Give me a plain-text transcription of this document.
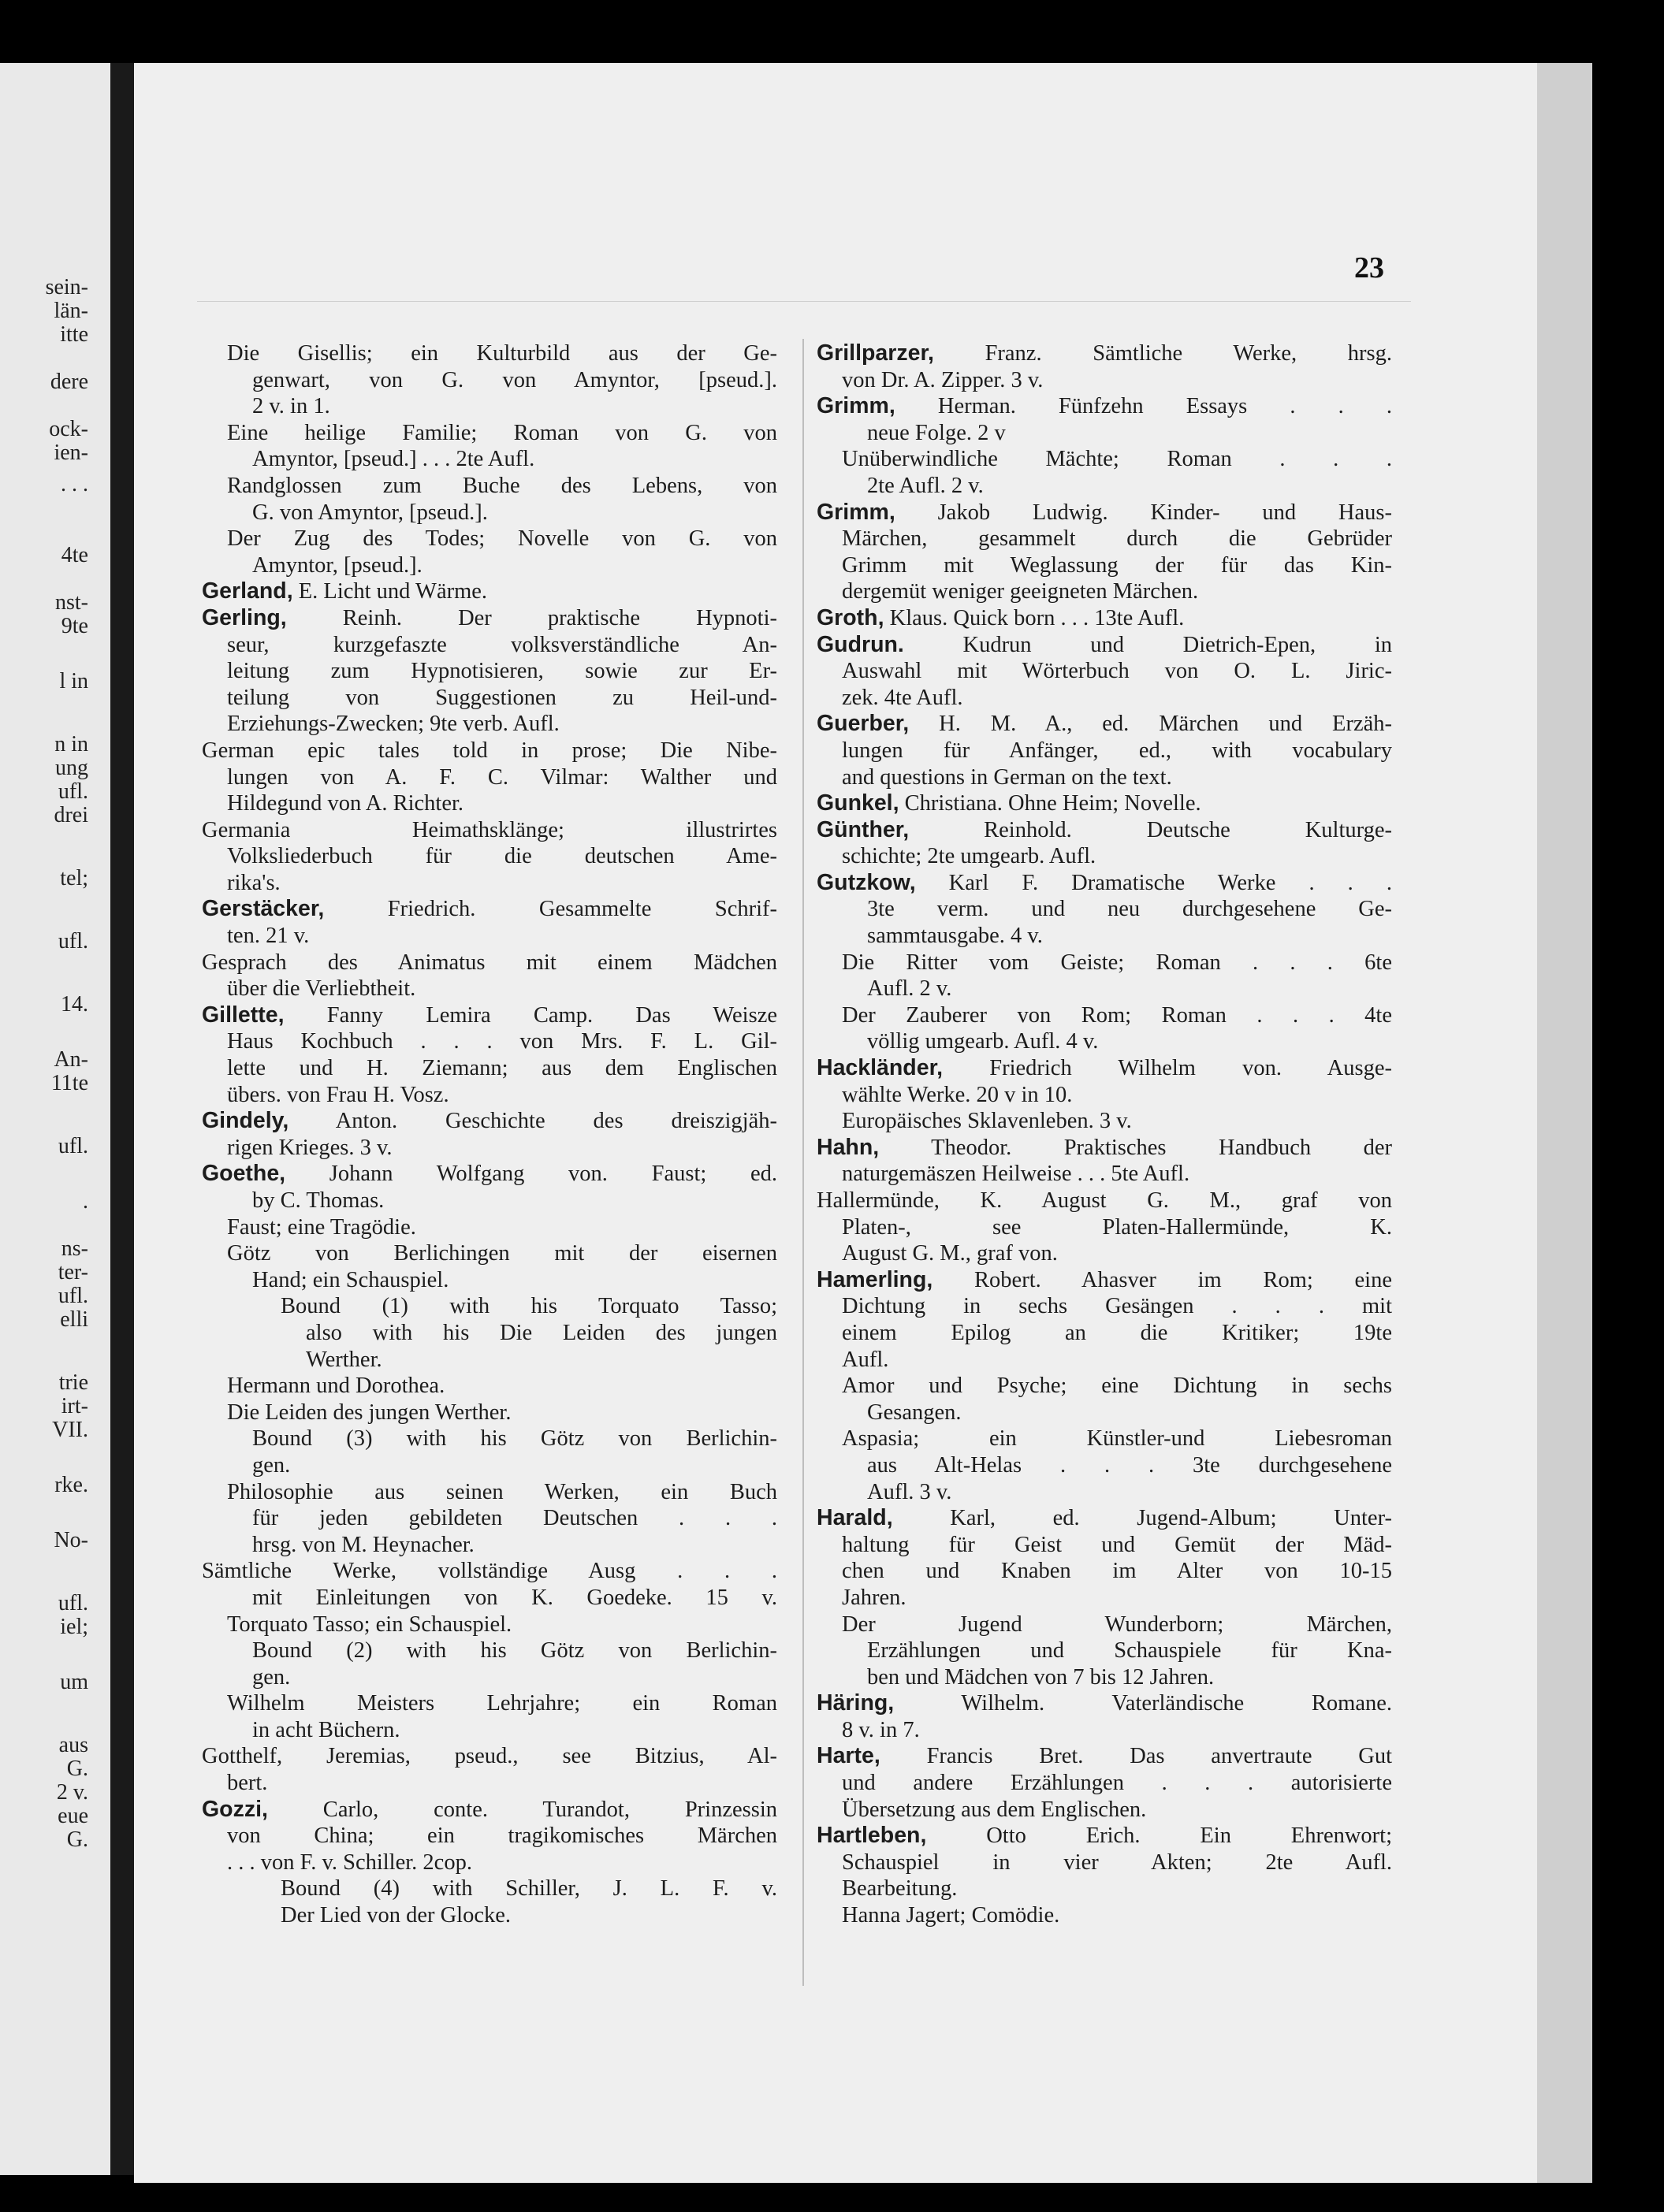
sein-
län-
itte
dere
ock-
ien-
. . .
4te
nst-
9te
l in
n in
ung
ufl.
drei
tel;
ufl.
14.
An-
11te
ufl.
.
ns-
ter-
ufl.
elli
trie
irt-
VII.
rke.
No-
ufl.
iel;
um
aus
G.
2 v.
eue
G.
23
Die Gisellis; ein Kulturbild aus der Ge-
genwart, von G. von Amyntor, [pseud.].
2 v. in 1.
Eine heilige Familie; Roman von G. von
Amyntor, [pseud.] . . . 2te Aufl.
Randglossen zum Buche des Lebens, von
G. von Amyntor, [pseud.].
Der Zug des Todes; Novelle von G. von
Amyntor, [pseud.].
Gerland, E. Licht und Wärme.
Gerling, Reinh. Der praktische Hypnoti-
seur, kurzgefaszte volksverständliche An-
leitung zum Hypnotisieren, sowie zur Er-
teilung von Suggestionen zu Heil-und-
Erziehungs-Zwecken; 9te verb. Aufl.
German epic tales told in prose; Die Nibe-
lungen von A. F. C. Vilmar: Walther und
Hildegund von A. Richter.
Germania Heimathsklänge; illustrirtes
Volksliederbuch für die deutschen Ame-
rika's.
Gerstäcker, Friedrich. Gesammelte Schrif-
ten. 21 v.
Gesprach des Animatus mit einem Mädchen
über die Verliebtheit.
Gillette, Fanny Lemira Camp. Das Weisze
Haus Kochbuch . . . von Mrs. F. L. Gil-
lette und H. Ziemann; aus dem Englischen
übers. von Frau H. Vosz.
Gindely, Anton. Geschichte des dreiszigjäh-
rigen Krieges. 3 v.
Goethe, Johann Wolfgang von. Faust; ed.
by C. Thomas.
Faust; eine Tragödie.
Götz von Berlichingen mit der eisernen
Hand; ein Schauspiel.
Bound (1) with his Torquato Tasso;
also with his Die Leiden des jungen
Werther.
Hermann und Dorothea.
Die Leiden des jungen Werther.
Bound (3) with his Götz von Berlichin-
gen.
Philosophie aus seinen Werken, ein Buch
für jeden gebildeten Deutschen . . .
hrsg. von M. Heynacher.
Sämtliche Werke, vollständige Ausg . . .
mit Einleitungen von K. Goedeke. 15 v.
Torquato Tasso; ein Schauspiel.
Bound (2) with his Götz von Berlichin-
gen.
Wilhelm Meisters Lehrjahre; ein Roman
in acht Büchern.
Gotthelf, Jeremias, pseud., see Bitzius, Al-
bert.
Gozzi, Carlo, conte. Turandot, Prinzessin
von China; ein tragikomisches Märchen
. . . von F. v. Schiller. 2cop.
Bound (4) with Schiller, J. L. F. v.
Der Lied von der Glocke.
Grillparzer, Franz. Sämtliche Werke, hrsg.
von Dr. A. Zipper. 3 v.
Grimm, Herman. Fünfzehn Essays . . .
neue Folge. 2 v
Unüberwindliche Mächte; Roman . . .
2te Aufl. 2 v.
Grimm, Jakob Ludwig. Kinder- und Haus-
Märchen, gesammelt durch die Gebrüder
Grimm mit Weglassung der für das Kin-
dergemüt weniger geeigneten Märchen.
Groth, Klaus. Quick born . . . 13te Aufl.
Gudrun. Kudrun und Dietrich-Epen, in
Auswahl mit Wörterbuch von O. L. Jiric-
zek. 4te Aufl.
Guerber, H. M. A., ed. Märchen und Erzäh-
lungen für Anfänger, ed., with vocabulary
and questions in German on the text.
Gunkel, Christiana. Ohne Heim; Novelle.
Günther, Reinhold. Deutsche Kulturge-
schichte; 2te umgearb. Aufl.
Gutzkow, Karl F. Dramatische Werke . . .
3te verm. und neu durchgesehene Ge-
sammtausgabe. 4 v.
Die Ritter vom Geiste; Roman . . . 6te
Aufl. 2 v.
Der Zauberer von Rom; Roman . . . 4te
völlig umgearb. Aufl. 4 v.
Hackländer, Friedrich Wilhelm von. Ausge-
wählte Werke. 20 v in 10.
Europäisches Sklavenleben. 3 v.
Hahn, Theodor. Praktisches Handbuch der
naturgemäszen Heilweise . . . 5te Aufl.
Hallermünde, K. August G. M., graf von
Platen-, see Platen-Hallermünde, K.
August G. M., graf von.
Hamerling, Robert. Ahasver im Rom; eine
Dichtung in sechs Gesängen . . . mit
einem Epilog an die Kritiker; 19te
Aufl.
Amor und Psyche; eine Dichtung in sechs
Gesangen.
Aspasia; ein Künstler-und Liebesroman
aus Alt-Helas . . . 3te durchgesehene
Aufl. 3 v.
Harald, Karl, ed. Jugend-Album; Unter-
haltung für Geist und Gemüt der Mäd-
chen und Knaben im Alter von 10-15
Jahren.
Der Jugend Wunderborn; Märchen,
Erzählungen und Schauspiele für Kna-
ben und Mädchen von 7 bis 12 Jahren.
Häring, Wilhelm. Vaterländische Romane.
8 v. in 7.
Harte, Francis Bret. Das anvertraute Gut
und andere Erzählungen . . . autorisierte
Übersetzung aus dem Englischen.
Hartleben, Otto Erich. Ein Ehrenwort;
Schauspiel in vier Akten; 2te Aufl.
Bearbeitung.
Hanna Jagert; Comödie.
